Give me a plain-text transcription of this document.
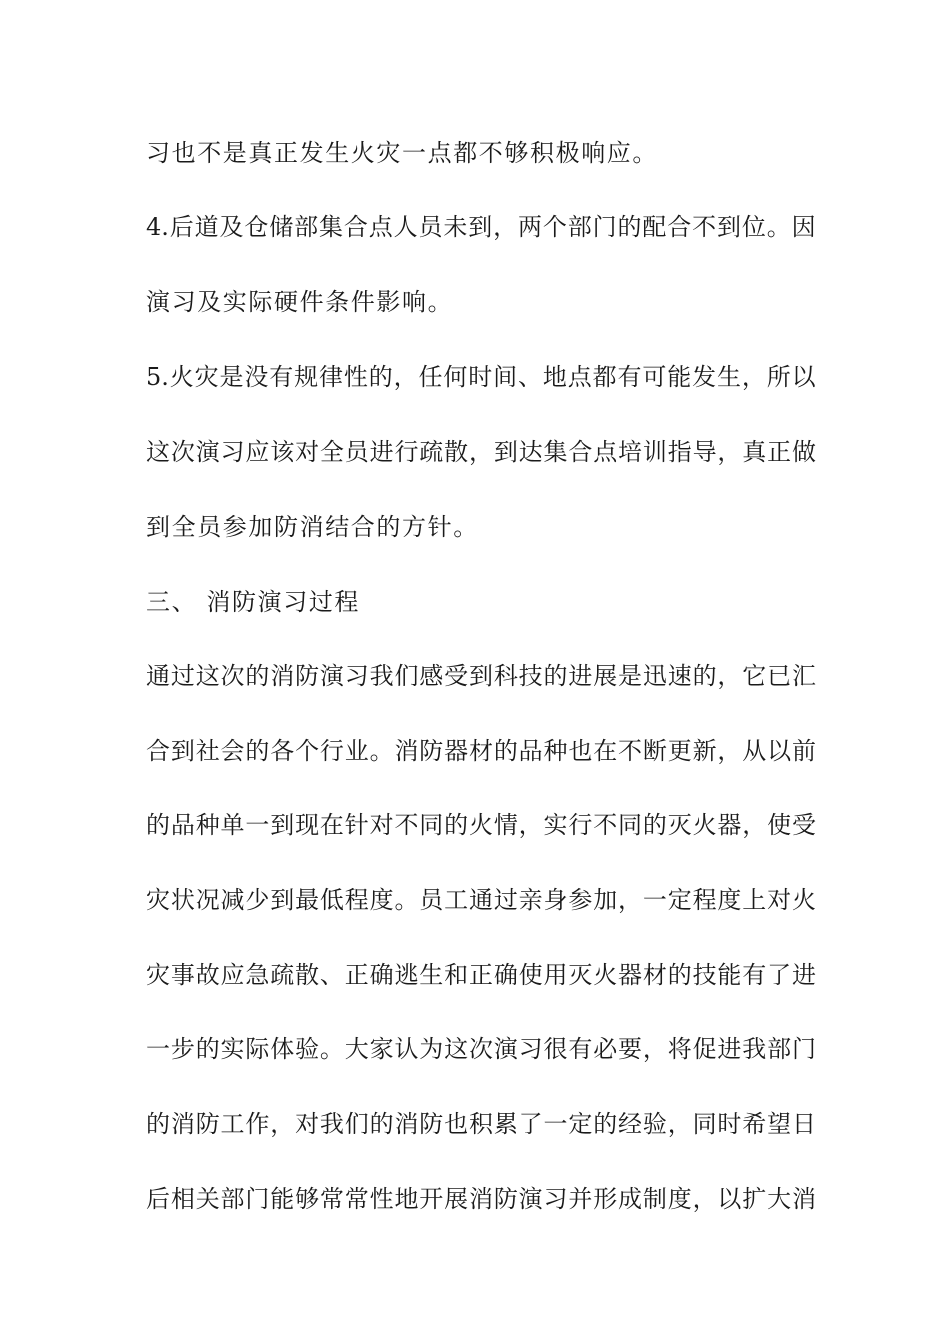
习也不是真正发生火灾一点都不够积极响应。
4. 后 道 及 仓 储 部 集 合 点 人 员 未 到 ， 两 个 部 门 的 配 合 不 到 位 。 因
演习及实际硬件条件影响。
5. 火 灾 是 没 有 规 律 性 的 ， 任 何 时 间 、 地 点 都 有 可 能 发 生 ， 所 以
这 次 演 习 应 该 对 全 员 进 行 疏 散 ， 到 达 集 合 点 培 训 指 导 ， 真 正 做
到全员参加防消结合的方针。
三、 消防演习过程
通 过 这 次 的 消 防 演 习 我 们 感 受 到 科 技 的 进 展 是 迅 速 的 ， 它 已 汇
合 到 社 会 的 各 个 行 业 。 消 防 器 材 的 品 种 也 在 不 断 更 新 ， 从 以 前
的 品 种 单 一 到 现 在 针 对 不 同 的 火 情 ， 实 行 不 同 的 灭 火 器 ， 使 受
灾 状 况 减 少 到 最 低 程 度 。 员 工 通 过 亲 身 参 加 ， 一 定 程 度 上 对 火
灾 事 故 应 急 疏 散 、 正 确 逃 生 和 正 确 使 用 灭 火 器 材 的 技 能 有 了 进
一 步 的 实 际 体 验 。 大 家 认 为 这 次 演 习 很 有 必 要 ， 将 促 进 我 部 门
的 消 防 工 作 ， 对 我 们 的 消 防 也 积 累 了 一 定 的 经 验 ， 同 时 希 望 日
后 相 关 部 门 能 够 常 常 性 地 开 展 消 防 演 习 并 形 成 制 度 ， 以 扩 大 消
